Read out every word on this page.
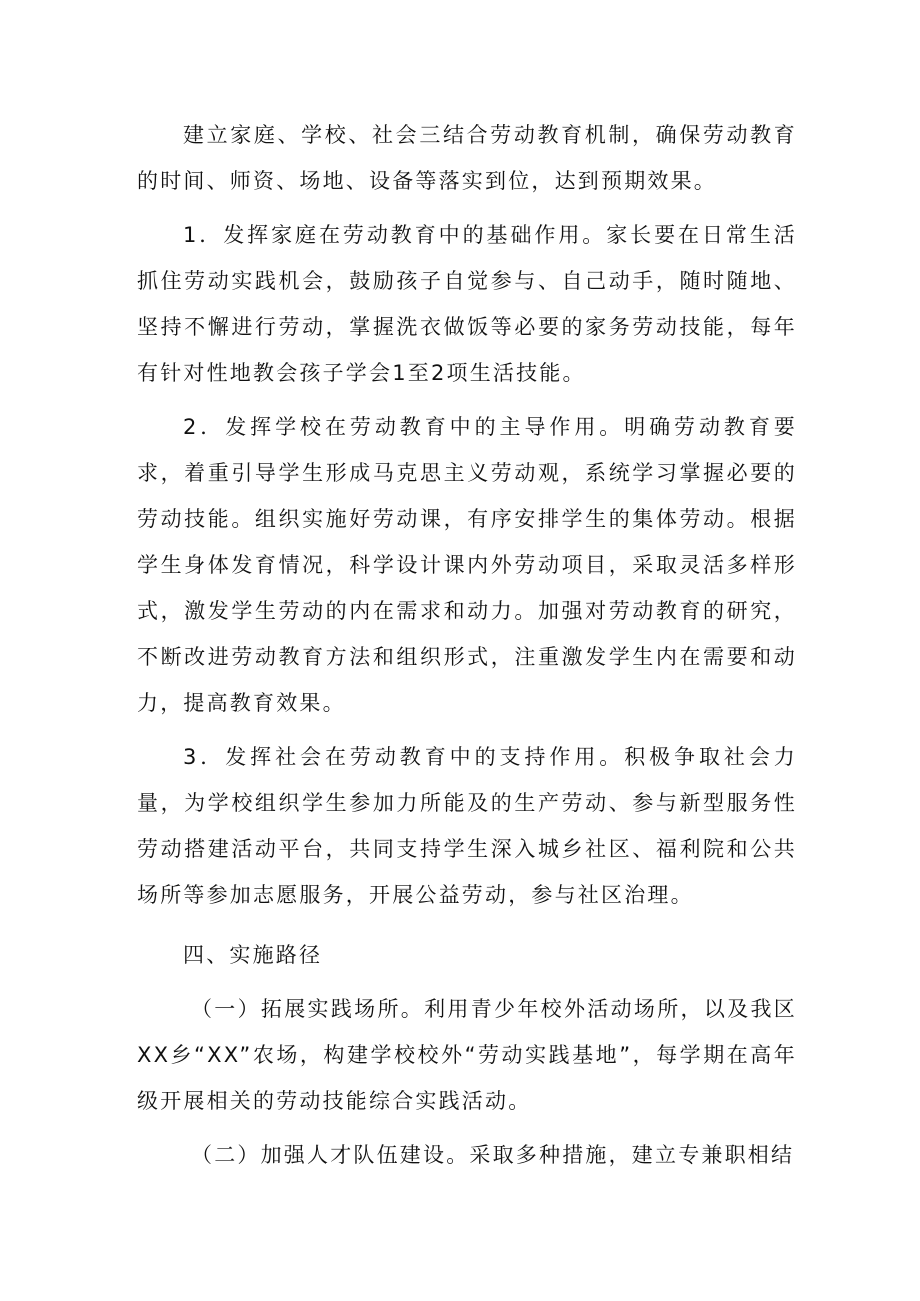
建立家庭、学校、社会三结合劳动教育机制，确保劳动教育的时间、师资、场地、设备等落实到位，达到预期效果。

1．发挥家庭在劳动教育中的基础作用。家长要在日常生活抓住劳动实践机会，鼓励孩子自觉参与、自己动手，随时随地、坚持不懈进行劳动，掌握洗衣做饭等必要的家务劳动技能，每年有针对性地教会孩子学会1至2项生活技能。

2．发挥学校在劳动教育中的主导作用。明确劳动教育要求，着重引导学生形成马克思主义劳动观，系统学习掌握必要的劳动技能。组织实施好劳动课，有序安排学生的集体劳动。根据学生身体发育情况，科学设计课内外劳动项目，采取灵活多样形式，激发学生劳动的内在需求和动力。加强对劳动教育的研究，不断改进劳动教育方法和组织形式，注重激发学生内在需要和动力，提高教育效果。

3．发挥社会在劳动教育中的支持作用。积极争取社会力量，为学校组织学生参加力所能及的生产劳动、参与新型服务性劳动搭建活动平台，共同支持学生深入城乡社区、福利院和公共场所等参加志愿服务，开展公益劳动，参与社区治理。

四、实施路径

（一）拓展实践场所。利用青少年校外活动场所，以及我区XX乡“XX”农场，构建学校校外“劳动实践基地”，每学期在高年级开展相关的劳动技能综合实践活动。

（二）加强人才队伍建设。采取多种措施，建立专兼职相结
